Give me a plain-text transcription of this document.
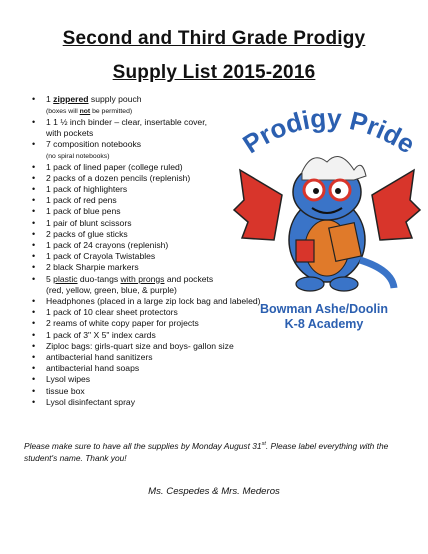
Second and Third Grade Prodigy
Supply List 2015-2016
• 1 zippered supply pouch
(boxes will not be permitted)
• 1 1 ½ inch binder – clear, insertable cover,
with pockets
• 7 composition notebooks
(no spiral notebooks)
• 1 pack of lined paper (college ruled)
• 2 packs of a dozen pencils (replenish)
• 1 pack of highlighters
• 1 pack of red pens
• 1 pack of blue pens
• 1 pair of blunt scissors
• 2 packs of glue sticks
• 1 pack of 24 crayons (replenish)
• 1 pack of Crayola Twistables
• 2 black Sharpie markers
• 5 plastic duo-tangs with prongs and pockets
(red, yellow, green, blue, & purple)
• Headphones (placed in a large zip lock bag and labeled)
• 1 pack of 10 clear sheet protectors
• 2 reams of white copy paper for projects
• 1 pack of 3" X 5" index cards
• Ziploc bags: girls-quart size and boys- gallon size
• antibacterial hand sanitizers
• antibacterial hand soaps
• Lysol wipes
• tissue box
• Lysol disinfectant spray
Prodigy Pride
Bowman Ashe/Doolin
K-8 Academy
Please make sure to have all the supplies by Monday August 31st. Please label everything with the student's name. Thank you!
Ms. Cespedes & Mrs. Mederos
